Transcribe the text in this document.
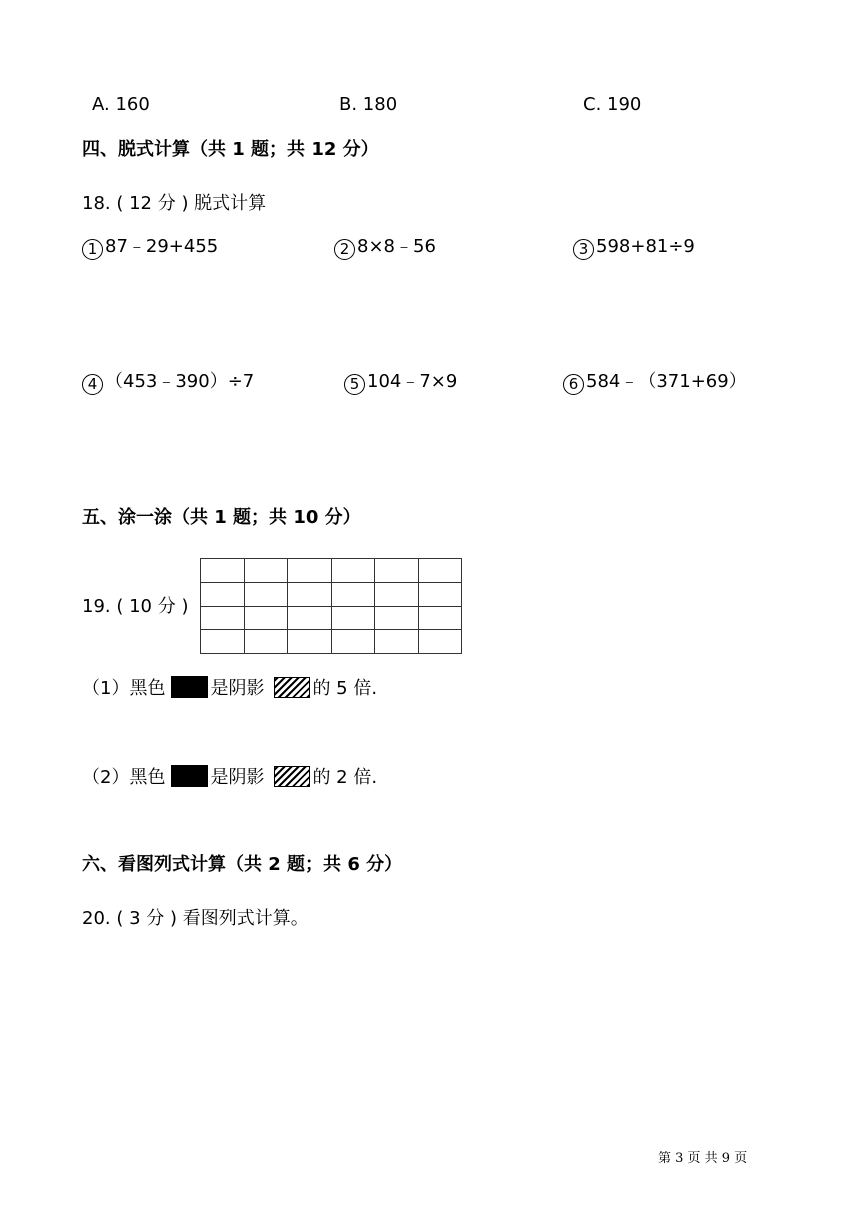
A. 160	B. 180	C. 190
四、脱式计算（共 1 题；共 12 分）
18. ( 12 分 ) 脱式计算
1 87﹣29+455	2 8×8﹣56	3 598+81÷9
4 （453﹣390）÷7	5 104﹣7×9	6 584﹣（371+69）
五、涂一涂（共 1 题；共 10 分）
19. ( 10 分 )

（1）黑色	是阴影	的 5 倍.
（2）黑色	是阴影	的 2 倍.
六、看图列式计算（共 2 题；共 6 分）
20. ( 3 分 ) 看图列式计算。
第 3 页 共 9 页
